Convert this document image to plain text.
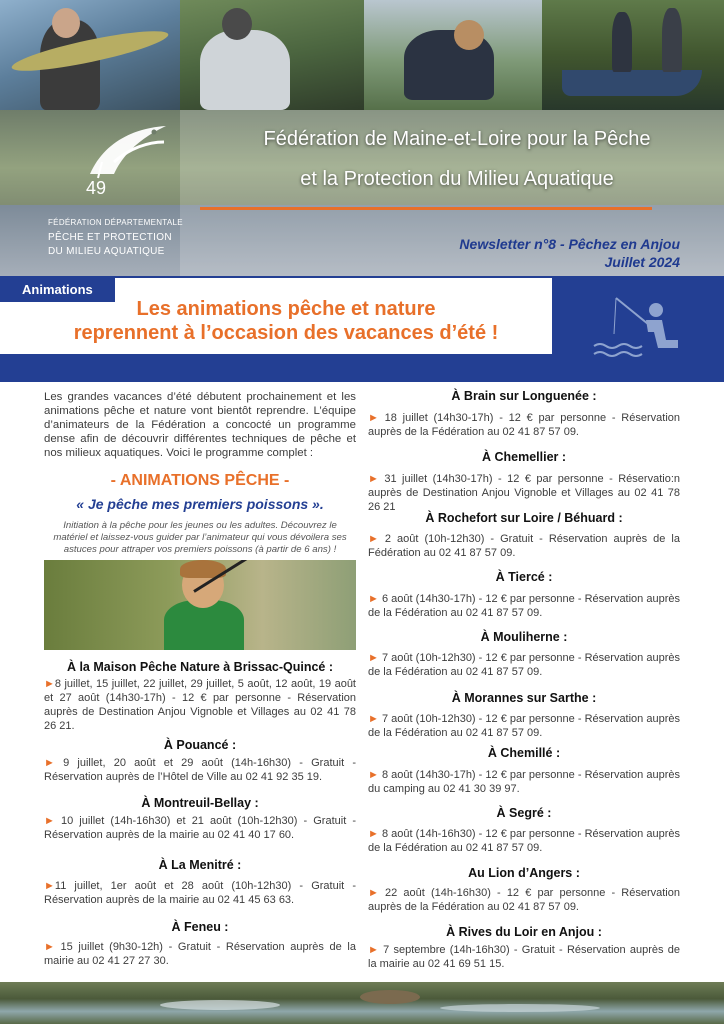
49
FÉDÉRATION DÉPARTEMENTALE
PÊCHE ET PROTECTION
DU MILIEU AQUATIQUE
Fédération de Maine-et-Loire pour la Pêche
et la Protection du Milieu Aquatique
Newsletter n°8 - Pêchez en Anjou
Juillet 2024
Animations
Les animations pêche et nature
reprennent à l’occasion des vacances d’été !
Les grandes vacances d’été débutent prochainement et les animations pêche et nature vont bientôt reprendre. L’équipe d’animateurs de la Fédération a concocté un programme dense afin de découvrir différentes techniques de pêche et nos milieux aquatiques. Voici le programme complet :
- ANIMATIONS PÊCHE -
« Je pêche mes premiers poissons ».
Initiation à la pêche pour les jeunes ou les adultes. Découvrez le matériel et laissez-vous guider par l’animateur qui vous dévoilera ses astuces pour attraper vos premiers poissons (à partir de 6 ans) !
À la Maison Pêche Nature à Brissac-Quincé :
►8 juillet, 15 juillet, 22 juillet, 29 juillet, 5 août, 12 août, 19 août et 27 août (14h30-17h) - 12 € par personne - Réservation auprès de Destination Anjou Vignoble et Villages au 02 41 78 26 21.
À Pouancé :
► 9 juillet, 20 août et 29 août (14h-16h30) - Gratuit - Réservation auprès de l’Hôtel de Ville au 02 41 92 35 19.
À Montreuil-Bellay :
► 10 juillet (14h-16h30) et 21 août (10h-12h30) - Gratuit - Réservation auprès de la mairie au 02 41 40 17 60.
À La Menitré :
►11 juillet, 1er août et 28 août (10h-12h30) - Gratuit - Réservation auprès de la mairie au 02 41 45 63 63.
À Feneu :
► 15 juillet (9h30-12h) - Gratuit - Réservation auprès de la mairie au 02 41 27 27 30.
À Brain sur Longuenée :
► 18 juillet (14h30-17h) - 12 € par personne - Réservation auprès de la Fédération au 02 41 87 57 09.
À Chemellier :
► 31 juillet (14h30-17h) - 12 € par personne - Réservatio:n auprès de Destination Anjou Vignoble et Villages au 02 41 78 26 21
À Rochefort sur Loire / Béhuard :
► 2 août (10h-12h30) - Gratuit - Réservation auprès de la Fédération au 02 41 87 57 09.
À Tiercé :
► 6 août (14h30-17h) - 12 € par personne - Réservation auprès de la Fédération au 02 41 87 57 09.
À Mouliherne :
► 7 août (10h-12h30) - 12 € par personne - Réservation auprès de la Fédération au 02 41 87 57 09.
À Morannes sur Sarthe :
► 7 août (10h-12h30) - 12 € par personne - Réservation auprès de la Fédération au 02 41 87 57 09.
À Chemillé :
► 8 août (14h30-17h) - 12 € par personne - Réservation auprès du camping au 02 41 30 39 97.
À Segré :
► 8 août (14h-16h30) - 12 € par personne - Réservation auprès de la Fédération au 02 41 87 57 09.
Au Lion d’Angers :
► 22 août (14h-16h30) - 12 € par personne - Réservation auprès de la Fédération au 02 41 87 57 09.
À Rives du Loir en Anjou :
► 7 septembre (14h-16h30) - Gratuit - Réservation auprès de la mairie au 02 41 69 51 15.
